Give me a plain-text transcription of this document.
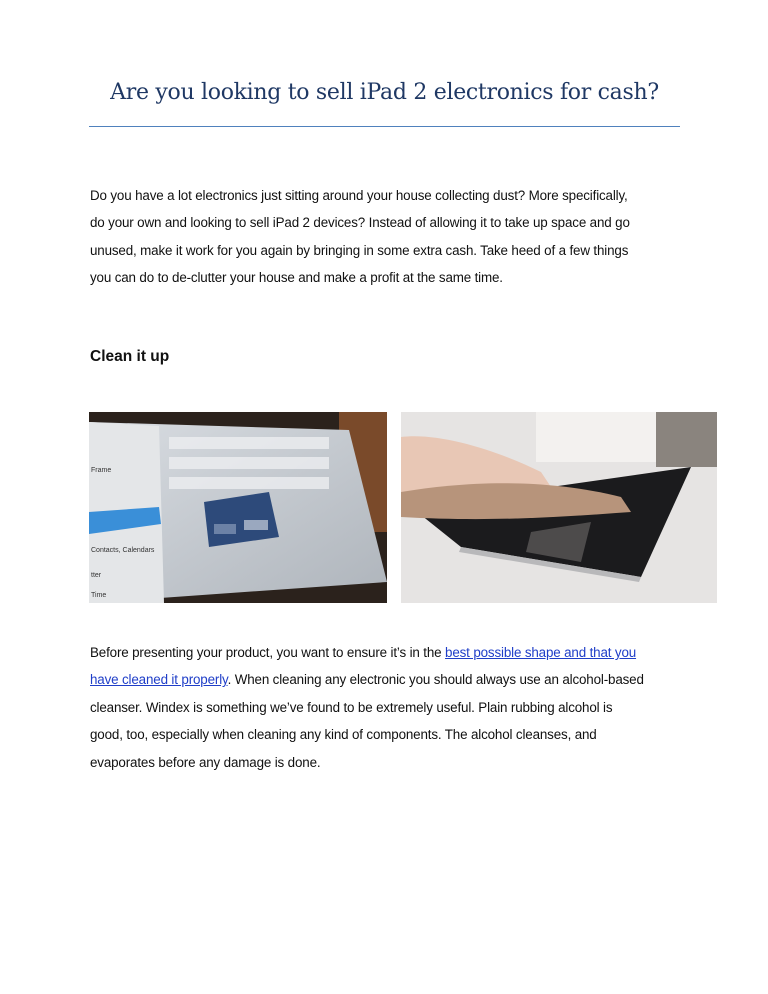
Are you looking to sell iPad 2 electronics for cash?
Do you have a lot electronics just sitting around your house collecting dust? More specifically,
do your own and looking to sell iPad 2 devices? Instead of allowing it to take up space and go
unused, make it work for you again by bringing in some extra cash. Take heed of a few things
you can do to de-clutter your house and make a profit at the same time.
Clean it up
Frame
Contacts, Calendars
tter
Time
Before presenting your product, you want to ensure it’s in the best possible shape and that you
have cleaned it properly. When cleaning any electronic you should always use an alcohol-based
cleanser. Windex is something we’ve found to be extremely useful. Plain rubbing alcohol is
good, too, especially when cleaning any kind of components. The alcohol cleanses, and
evaporates before any damage is done.
